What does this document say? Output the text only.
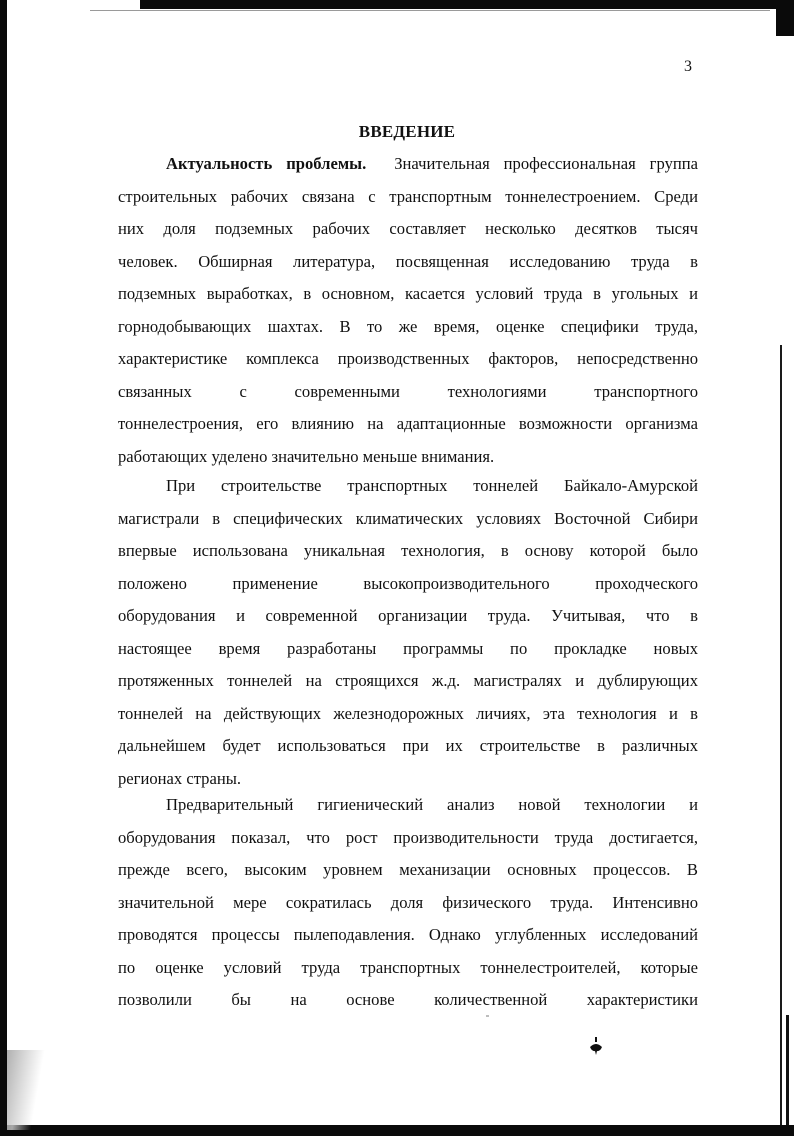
3
ВВЕДЕНИЕ
Актуальность проблемы. Значительная профессиональная группа
строительных рабочих связана с транспортным тоннелестроением. Среди
них доля подземных рабочих составляет несколько десятков тысяч
человек. Обширная литература, посвященная исследованию труда в
подземных выработках, в основном, касается условий труда в угольных и
горнодобывающих шахтах. В то же время, оценке специфики труда,
характеристике комплекса производственных факторов, непосредственно
связанных с современными технологиями транспортного
тоннелестроения, его влиянию на адаптационные возможности организма
работающих уделено значительно меньше внимания.
При строительстве транспортных тоннелей Байкало-Амурской
магистрали в специфических климатических условиях Восточной Сибири
впервые использована уникальная технология, в основу которой было
положено применение высокопроизводительного проходческого
оборудования и современной организации труда. Учитывая, что в
настоящее время разработаны программы по прокладке новых
протяженных тоннелей на строящихся ж.д. магистралях и дублирующих
тоннелей на действующих железнодорожных личиях, эта технология и в
дальнейшем будет использоваться при их строительстве в различных
регионах страны.
Предварительный гигиенический анализ новой технологии и
оборудования показал, что рост производительности труда достигается,
прежде всего, высоким уровнем механизации основных процессов. В
значительной мере сократилась доля физического труда. Интенсивно
проводятся процессы пылеподавления. Однако углубленных исследований
по оценке условий труда транспортных тоннелестроителей, которые
позволили бы на основе количественной характеристики
